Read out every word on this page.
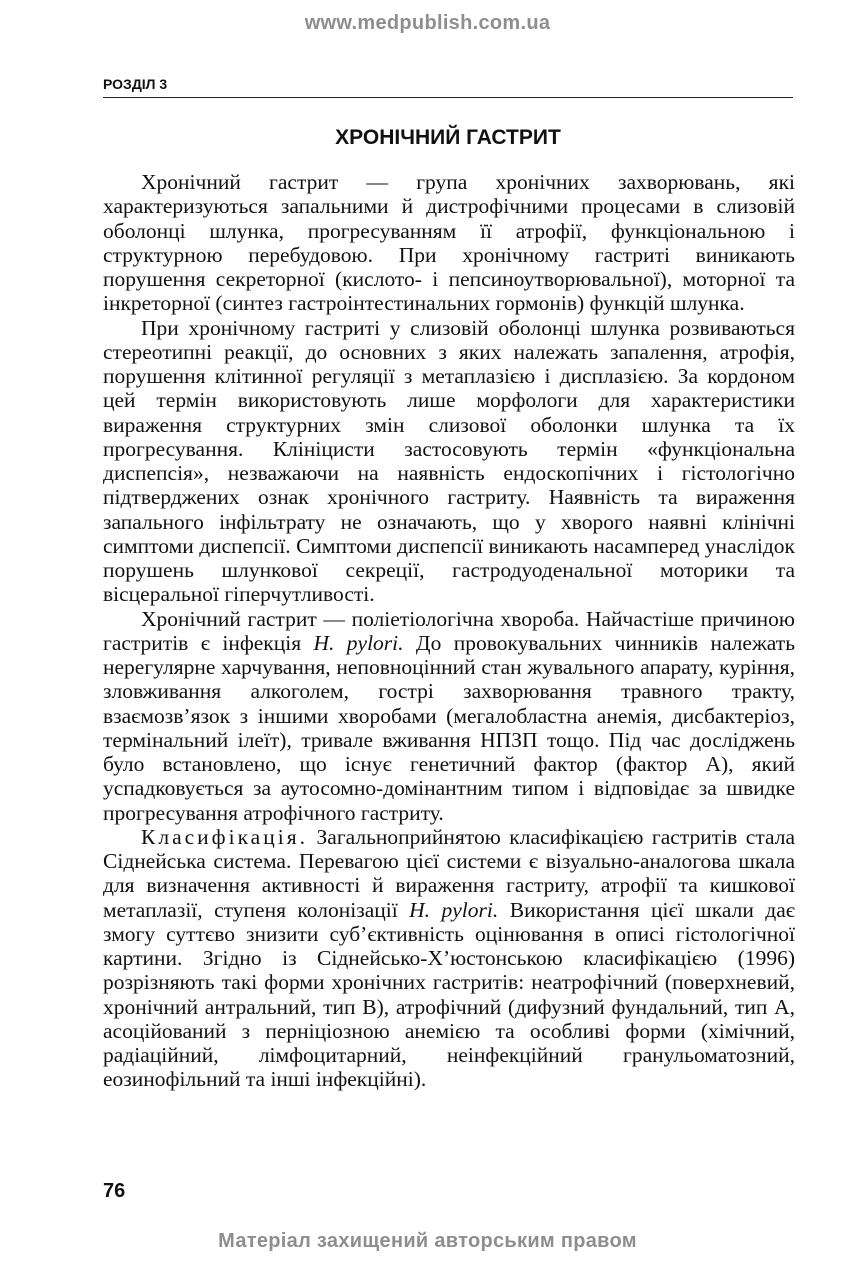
www.medpublish.com.ua
РОЗДІЛ 3
ХРОНІЧНИЙ ГАСТРИТ

Хронічний гастрит — група хронічних захворювань, які характеризуються запальними й дистрофічними процесами в слизовій оболонці шлунка, прогресуванням її атрофії, функціональною і структурною перебудовою. При хронічному гастриті виникають порушення секреторної (кислото- і пепсиноутворювальної), моторної та інкреторної (синтез гастроінтестинальних гормонів) функцій шлунка.

При хронічному гастриті у слизовій оболонці шлунка розвиваються стереотипні реакції, до основних з яких належать запалення, атрофія, порушення клітинної регуляції з метаплазією і дисплазією. За кордоном цей термін використовують лише морфологи для характеристики вираження структурних змін слизової оболонки шлунка та їх прогресування. Клініцисти застосовують термін «функціональна диспепсія», незважаючи на наявність ендоскопічних і гістологічно підтверджених ознак хронічного гастриту. Наявність та вираження запального інфільтрату не означають, що у хворого наявні клінічні симптоми диспепсії. Симптоми диспепсії виникають насамперед унаслідок порушень шлункової секреції, гастродуоденальної моторики та вісцеральної гіперчутливості.

Хронічний гастрит — поліетіологічна хвороба. Найчастіше причиною гастритів є інфекція H. pylori. До провокувальних чинників належать нерегулярне харчування, неповноцінний стан жувального апарату, куріння, зловживання алкоголем, гострі захворювання травного тракту, взаємозв’язок з іншими хворобами (мегалобластна анемія, дисбактеріоз, термінальний ілеїт), тривале вживання НПЗП тощо. Під час досліджень було встановлено, що існує генетичний фактор (фактор А), який успадковується за аутосомно-домінантним типом і відповідає за швидке прогресування атрофічного гастриту.

Класифікація. Загальноприйнятою класифікацією гастритів стала Сіднейська система. Перевагою цієї системи є візуально-аналогова шкала для визначення активності й вираження гастриту, атрофії та кишкової метаплазії, ступеня колонізації H. pylori. Використання цієї шкали дає змогу суттєво знизити суб’єктивність оцінювання в описі гістологічної картини. Згідно із Сіднейсько-Х’юстонською класифікацією (1996) розрізняють такі форми хронічних гастритів: неатрофічний (поверхневий, хронічний антральний, тип В), атрофічний (дифузний фундальний, тип А, асоційований з перніціозною анемією та особливі форми (хімічний, радіаційний, лімфоцитарний, неінфекційний гранульоматозний, еозинофільний та інші інфекційні).

76
Матеріал захищений авторським правом
